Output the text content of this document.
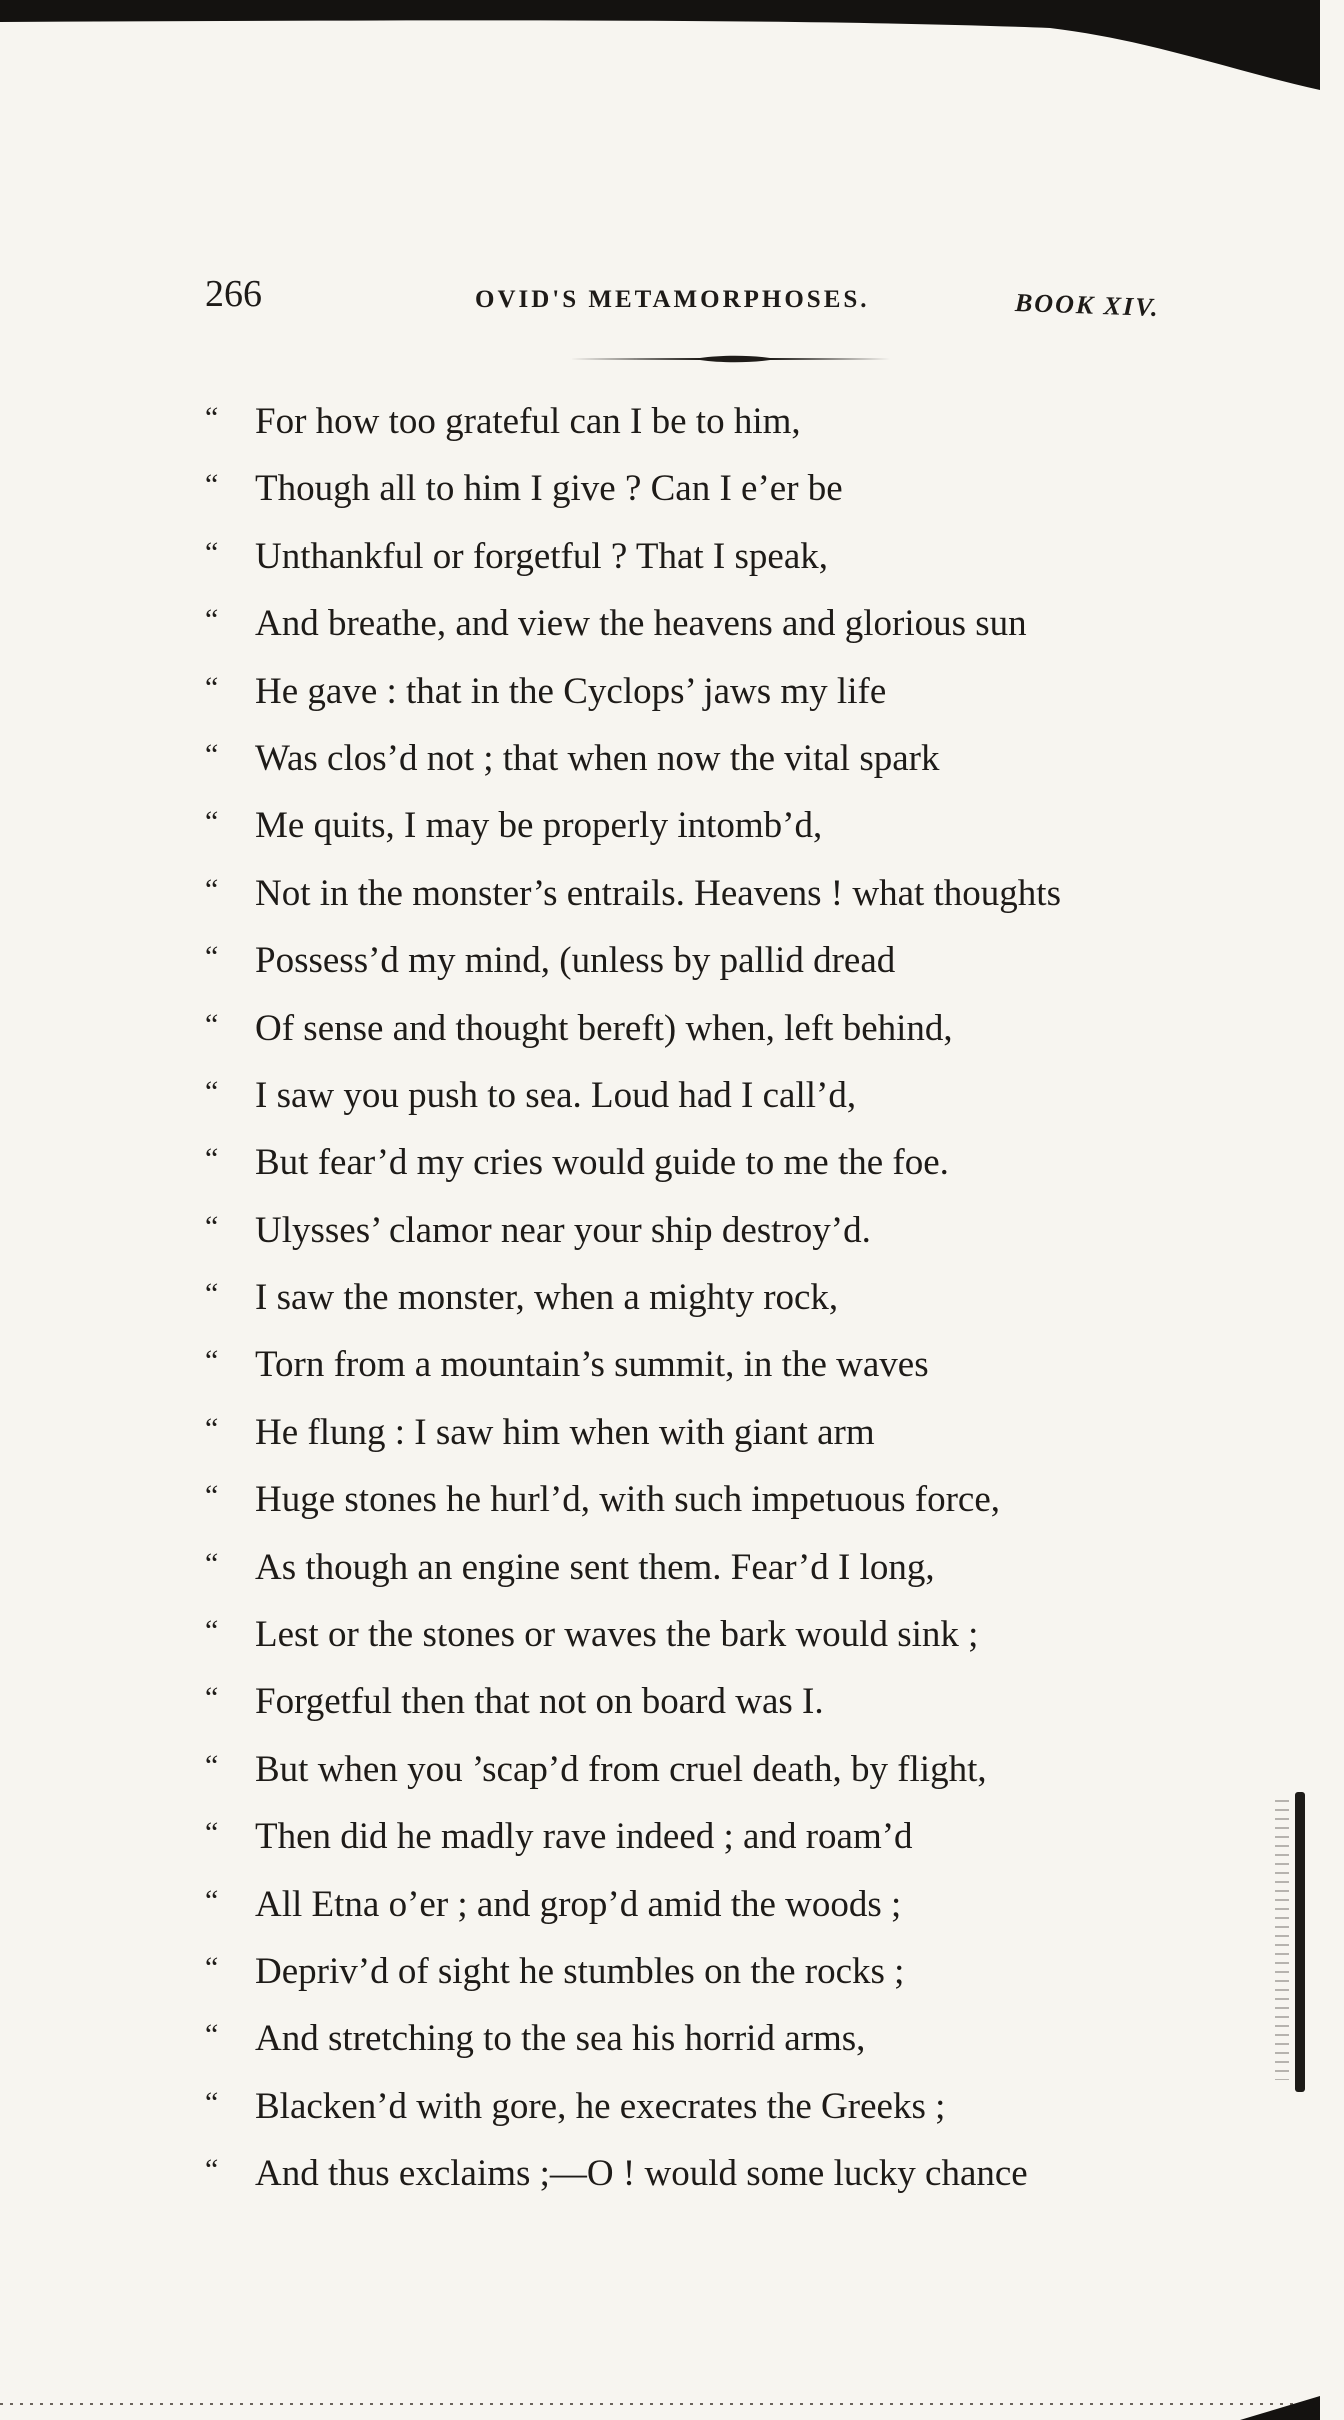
266	OVID'S METAMORPHOSES.	BOOK XIV.
“ For how too grateful can I be to him,
“ Though all to him I give ? Can I e’er be
“ Unthankful or forgetful ? That I speak,
“ And breathe, and view the heavens and glorious sun
“ He gave : that in the Cyclops’ jaws my life
“ Was clos’d not ; that when now the vital spark
“ Me quits, I may be properly intomb’d,
“ Not in the monster’s entrails. Heavens ! what thoughts
“ Possess’d my mind, (unless by pallid dread
“ Of sense and thought bereft) when, left behind,
“ I saw you push to sea. Loud had I call’d,
“ But fear’d my cries would guide to me the foe.
“ Ulysses’ clamor near your ship destroy’d.
“ I saw the monster, when a mighty rock,
“ Torn from a mountain’s summit, in the waves
“ He flung : I saw him when with giant arm
“ Huge stones he hurl’d, with such impetuous force,
“ As though an engine sent them. Fear’d I long,
“ Lest or the stones or waves the bark would sink ;
“ Forgetful then that not on board was I.
“ But when you ’scap’d from cruel death, by flight,
“ Then did he madly rave indeed ; and roam’d
“ All Etna o’er ; and grop’d amid the woods ;
“ Depriv’d of sight he stumbles on the rocks ;
“ And stretching to the sea his horrid arms,
“ Blacken’d with gore, he execrates the Greeks ;
“ And thus exclaims ;—O ! would some lucky chance
